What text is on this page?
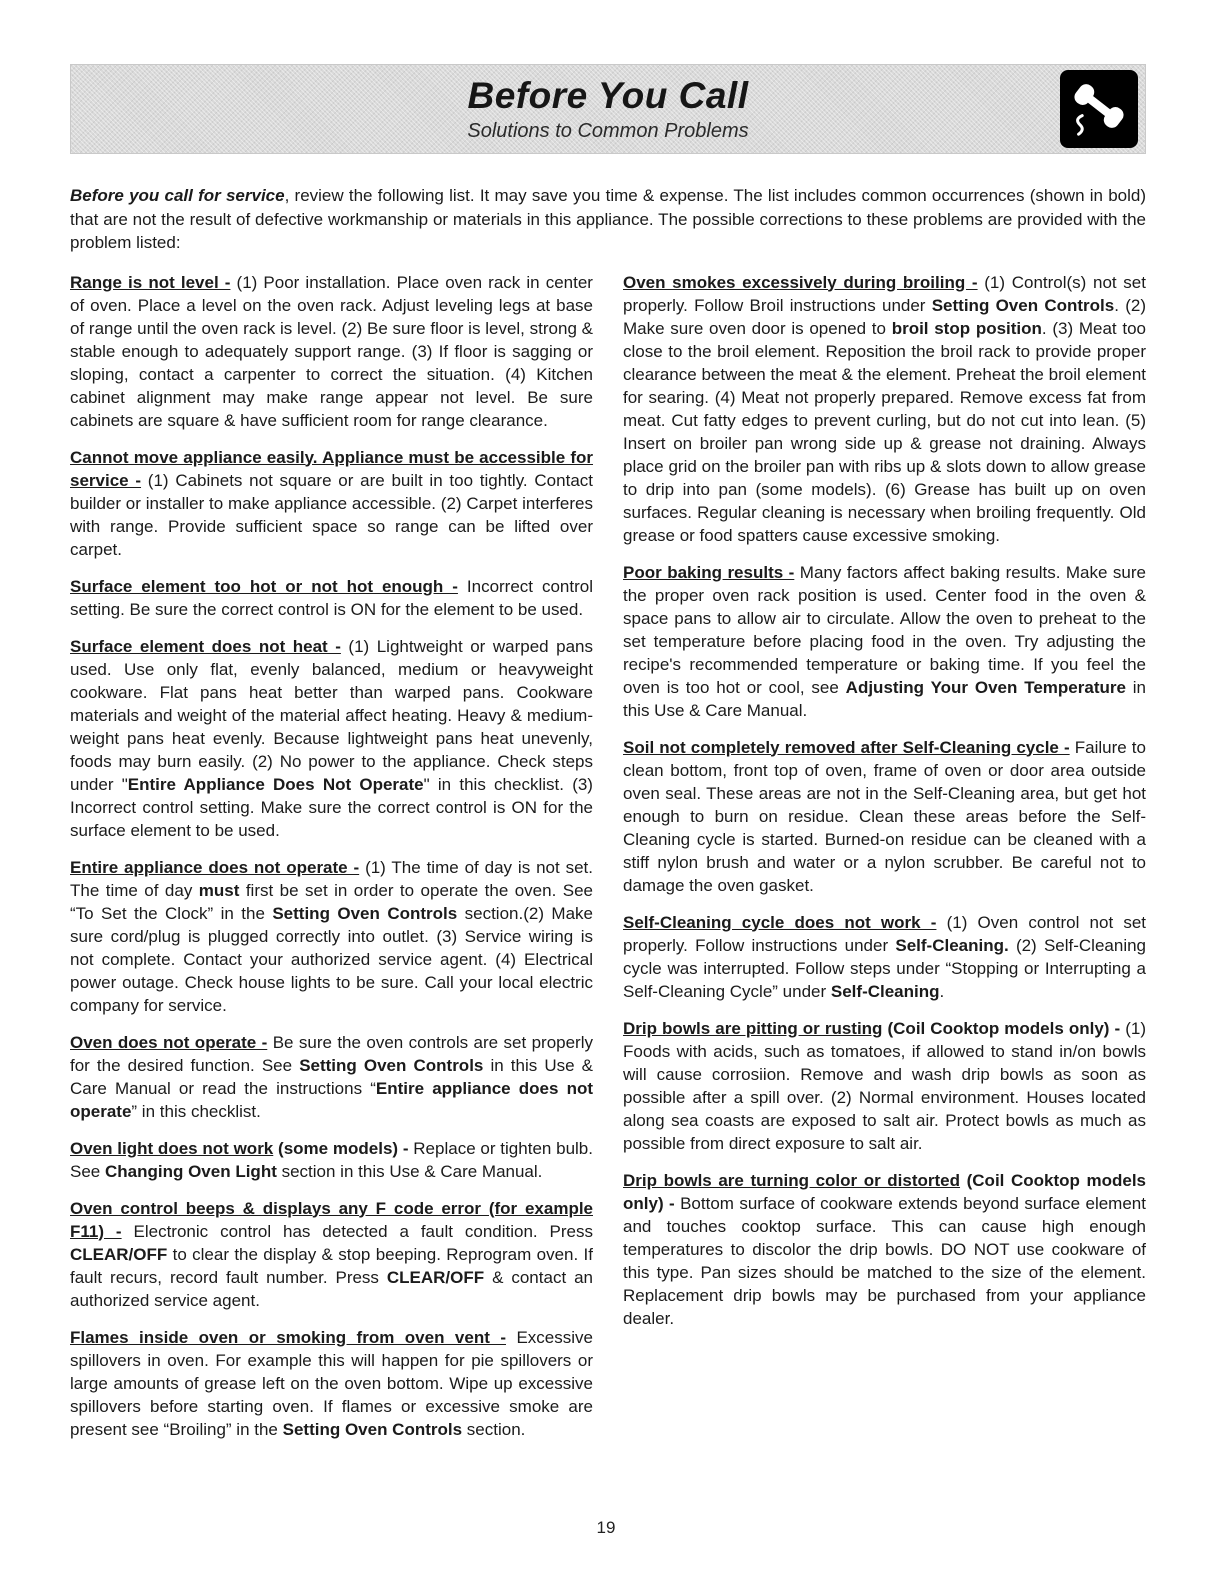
Before You Call
Solutions to Common Problems

Before you call for service, review the following list. It may save you time & expense. The list includes common occurrences (shown in bold) that are not the result of defective workmanship or materials in this appliance. The possible corrections to these problems are provided with the problem listed:

Range is not level - (1) Poor installation. Place oven rack in center of oven. Place a level on the oven rack. Adjust leveling legs at base of range until the oven rack is level. (2) Be sure floor is level, strong & stable enough to adequately support range. (3) If floor is sagging or sloping, contact a carpenter to correct the situation. (4) Kitchen cabinet alignment may make range appear not level. Be sure cabinets are square & have sufficient room for range clearance.

Cannot move appliance easily. Appliance must be accessible for service - (1) Cabinets not square or are built in too tightly. Contact builder or installer to make appliance accessible. (2) Carpet interferes with range. Provide sufficient space so range can be lifted over carpet.

Surface element too hot or not hot enough - Incorrect control setting. Be sure the correct control is ON for the element to be used.

Surface element does not heat - (1) Lightweight or warped pans used. Use only flat, evenly balanced, medium or heavyweight cookware. Flat pans heat better than warped pans. Cookware materials and weight of the material affect heating. Heavy & medium-weight pans heat evenly. Because lightweight pans heat unevenly, foods may burn easily. (2) No power to the appliance. Check steps under "Entire Appliance Does Not Operate" in this checklist. (3) Incorrect control setting. Make sure the correct control is ON for the surface element to be used.

Entire appliance does not operate - (1) The time of day is not set. The time of day must first be set in order to operate the oven. See “To Set the Clock” in the Setting Oven Controls section.(2) Make sure cord/plug is plugged correctly into outlet. (3) Service wiring is not complete. Contact your authorized service agent. (4) Electrical power outage. Check house lights to be sure. Call your local electric company for service.

Oven does not operate - Be sure the oven controls are set properly for the desired function. See Setting Oven Controls in this Use & Care Manual or read the instructions “Entire appliance does not operate” in this checklist.

Oven light does not work (some models) - Replace or tighten bulb. See Changing Oven Light section in this Use & Care Manual.

Oven control beeps & displays any F code error (for example F11) - Electronic control has detected a fault condition. Press CLEAR/OFF to clear the display & stop beeping. Reprogram oven. If fault recurs, record fault number. Press CLEAR/OFF & contact an authorized service agent.

Flames inside oven or smoking from oven vent - Excessive spillovers in oven. For example this will happen for pie spillovers or large amounts of grease left on the oven bottom. Wipe up excessive spillovers before starting oven. If flames or excessive smoke are present see “Broiling” in the Setting Oven Controls section.

Oven smokes excessively during broiling - (1) Control(s) not set properly. Follow Broil instructions under Setting Oven Controls. (2) Make sure oven door is opened to broil stop position. (3) Meat too close to the broil element. Reposition the broil rack to provide proper clearance between the meat & the element. Preheat the broil element for searing. (4) Meat not properly prepared. Remove excess fat from meat. Cut fatty edges to prevent curling, but do not cut into lean. (5) Insert on broiler pan wrong side up & grease not draining. Always place grid on the broiler pan with ribs up & slots down to allow grease to drip into pan (some models). (6) Grease has built up on oven surfaces. Regular cleaning is necessary when broiling frequently. Old grease or food spatters cause excessive smoking.

Poor baking results - Many factors affect baking results. Make sure the proper oven rack position is used. Center food in the oven & space pans to allow air to circulate. Allow the oven to preheat to the set temperature before placing food in the oven. Try adjusting the recipe's recommended temperature or baking time. If you feel the oven is too hot or cool, see Adjusting Your Oven Temperature in this Use & Care Manual.

Soil not completely removed after Self-Cleaning cycle - Failure to clean bottom, front top of oven, frame of oven or door area outside oven seal. These areas are not in the Self-Cleaning area, but get hot enough to burn on residue. Clean these areas before the Self-Cleaning cycle is started. Burned-on residue can be cleaned with a stiff nylon brush and water or a nylon scrubber. Be careful not to damage the oven gasket.

Self-Cleaning cycle does not work - (1) Oven control not set properly. Follow instructions under Self-Cleaning. (2) Self-Cleaning cycle was interrupted. Follow steps under “Stopping or Interrupting a Self-Cleaning Cycle” under Self-Cleaning.

Drip bowls are pitting or rusting (Coil Cooktop models only) - (1) Foods with acids, such as tomatoes, if allowed to stand in/on bowls will cause corrosiion. Remove and wash drip bowls as soon as possible after a spill over. (2) Normal environment. Houses located along sea coasts are exposed to salt air. Protect bowls as much as possible from direct exposure to salt air.

Drip bowls are turning color or distorted (Coil Cooktop models only) - Bottom surface of cookware extends beyond surface element and touches cooktop surface. This can cause high enough temperatures to discolor the drip bowls. DO NOT use cookware of this type. Pan sizes should be matched to the size of the element. Replacement drip bowls may be purchased from your appliance dealer.

19
